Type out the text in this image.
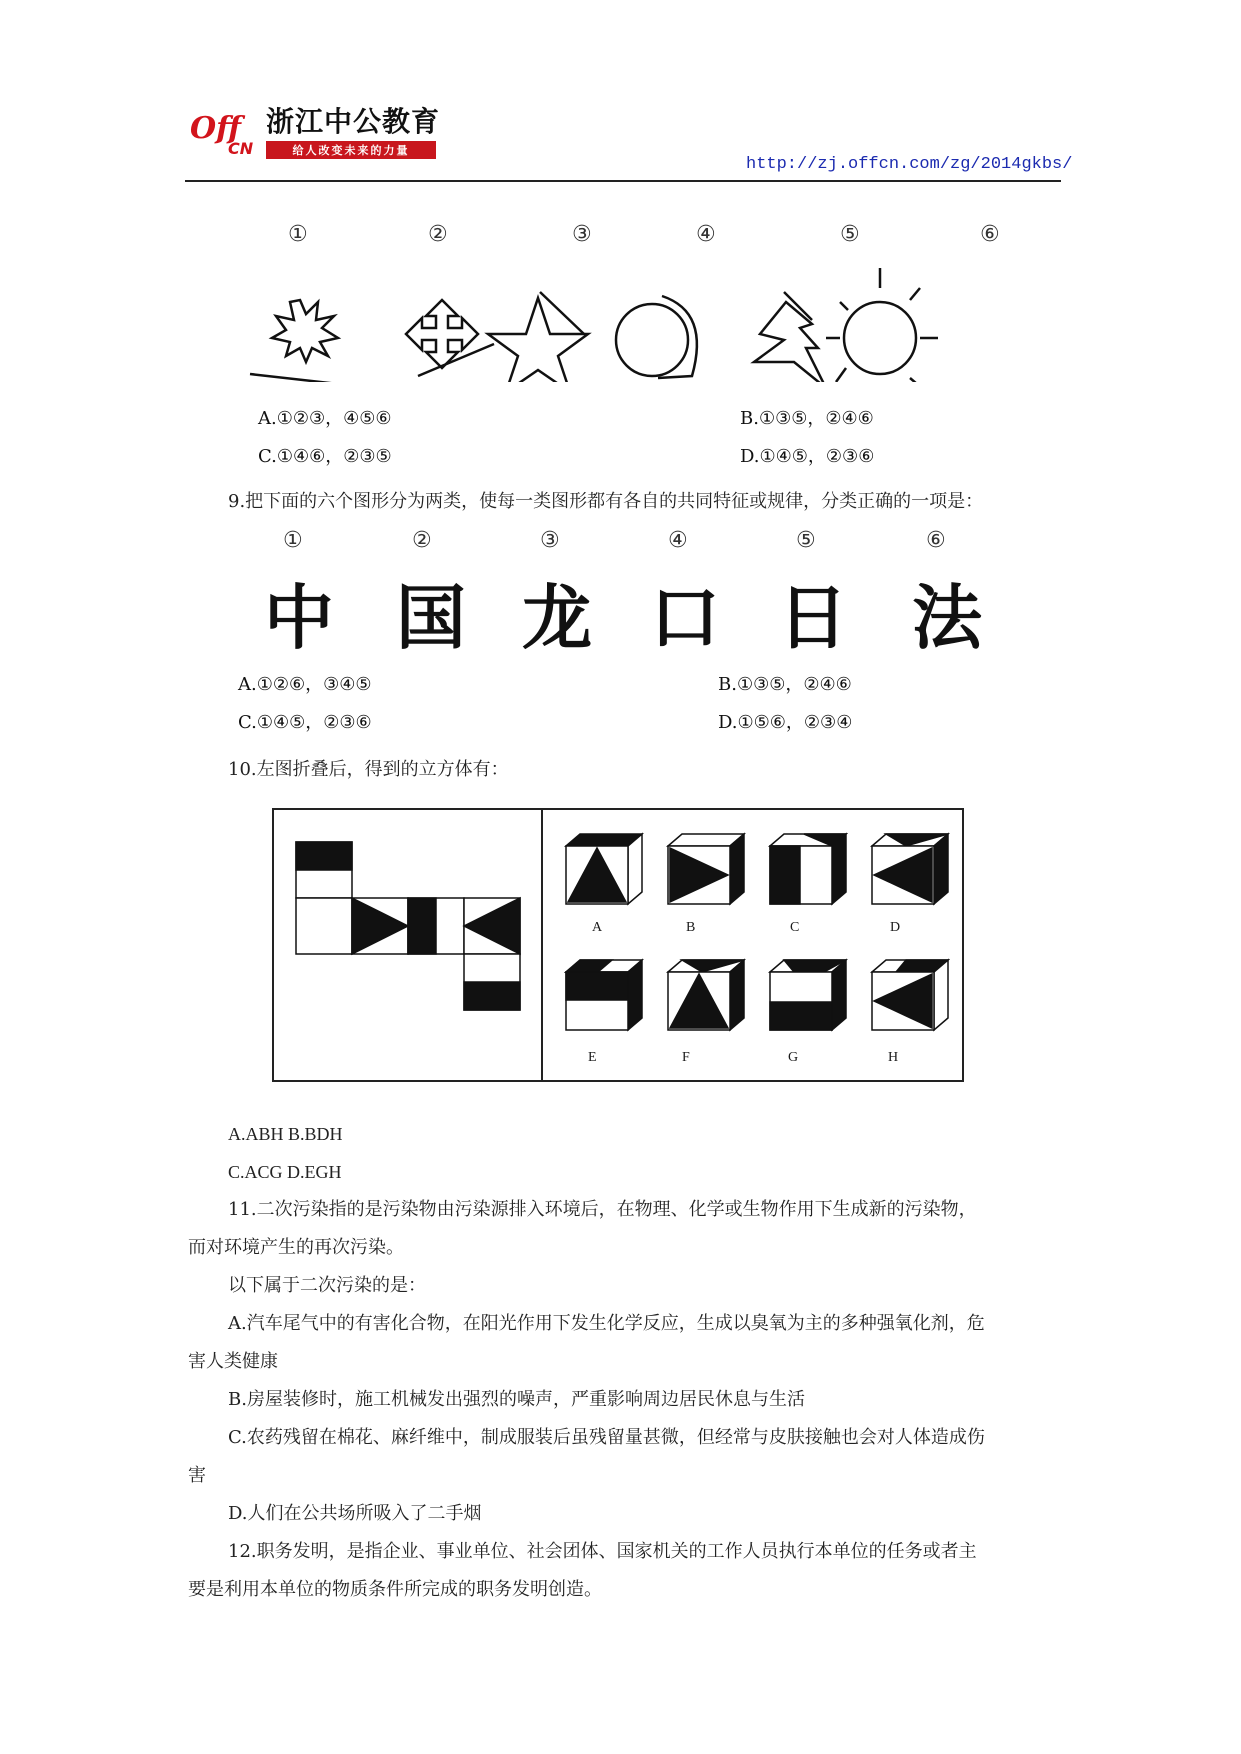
Off
CN
浙江中公教育
给人改变未来的力量
http://zj.offcn.com/zg/2014gkbs/
①	②	③	④	⑤	⑥
A.①②③，④⑤⑥	B.①③⑤，②④⑥
C.①④⑥，②③⑤	D.①④⑤，②③⑥
9.把下面的六个图形分为两类，使每一类图形都有各自的共同特征或规律，分类正确的一项是：
①	②	③	④	⑤	⑥
中 国 龙 口 日 法
A.①②⑥，③④⑤	B.①③⑤，②④⑥
C.①④⑤，②③⑥	D.①⑤⑥，②③④
10.左图折叠后，得到的立方体有：
A	B	C	D
E	F	G	H
A.ABH B.BDH
C.ACG D.EGH
11.二次污染指的是污染物由污染源排入环境后，在物理、化学或生物作用下生成新的污染物，
而对环境产生的再次污染。
以下属于二次污染的是：
A.汽车尾气中的有害化合物，在阳光作用下发生化学反应，生成以臭氧为主的多种强氧化剂，危
害人类健康
B.房屋装修时，施工机械发出强烈的噪声，严重影响周边居民休息与生活
C.农药残留在棉花、麻纤维中，制成服装后虽残留量甚微，但经常与皮肤接触也会对人体造成伤
害
D.人们在公共场所吸入了二手烟
12.职务发明，是指企业、事业单位、社会团体、国家机关的工作人员执行本单位的任务或者主
要是利用本单位的物质条件所完成的职务发明创造。
